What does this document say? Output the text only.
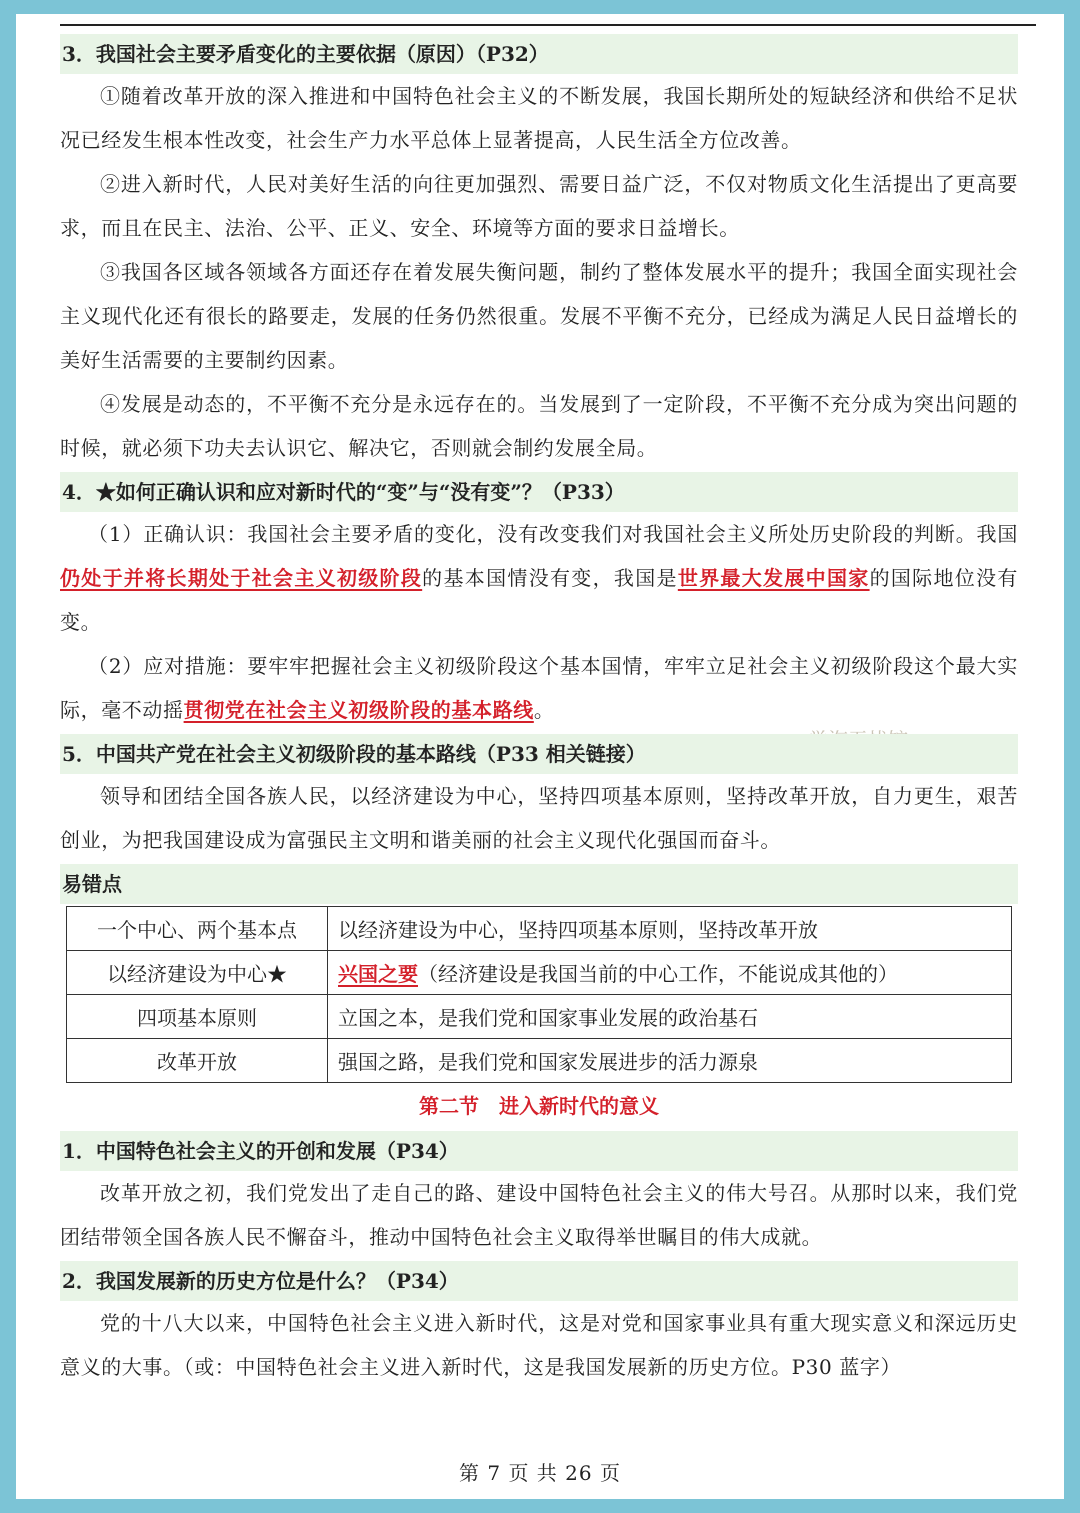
3．我国社会主要矛盾变化的主要依据（原因）（P32）
①随着改革开放的深入推进和中国特色社会主义的不断发展，我国长期所处的短缺经济和供给不足状况已经发生根本性改变，社会生产力水平总体上显著提高，人民生活全方位改善。
②进入新时代，人民对美好生活的向往更加强烈、需要日益广泛，不仅对物质文化生活提出了更高要求，而且在民主、法治、公平、正义、安全、环境等方面的要求日益增长。
③我国各区域各领域各方面还存在着发展失衡问题，制约了整体发展水平的提升；我国全面实现社会主义现代化还有很长的路要走，发展的任务仍然很重。发展不平衡不充分，已经成为满足人民日益增长的美好生活需要的主要制约因素。
④发展是动态的，不平衡不充分是永远存在的。当发展到了一定阶段，不平衡不充分成为突出问题的时候，就必须下功夫去认识它、解决它，否则就会制约发展全局。
4．★如何正确认识和应对新时代的“变”与“没有变”？（P33）
（1）正确认识：我国社会主要矛盾的变化，没有改变我们对我国社会主义所处历史阶段的判断。我国仍处于并将长期处于社会主义初级阶段的基本国情没有变，我国是世界最大发展中国家的国际地位没有变。
（2）应对措施：要牢牢把握社会主义初级阶段这个基本国情，牢牢立足社会主义初级阶段这个最大实际，毫不动摇贯彻党在社会主义初级阶段的基本路线。
5．中国共产党在社会主义初级阶段的基本路线（P33 相关链接）
领导和团结全国各族人民，以经济建设为中心，坚持四项基本原则，坚持改革开放，自力更生，艰苦创业，为把我国建设成为富强民主文明和谐美丽的社会主义现代化强国而奋斗。
易错点
一个中心、两个基本点	以经济建设为中心，坚持四项基本原则，坚持改革开放
以经济建设为中心★	兴国之要（经济建设是我国当前的中心工作，不能说成其他的）
四项基本原则	立国之本，是我们党和国家事业发展的政治基石
改革开放	强国之路，是我们党和国家发展进步的活力源泉
第二节　进入新时代的意义
1．中国特色社会主义的开创和发展（P34）
改革开放之初，我们党发出了走自己的路、建设中国特色社会主义的伟大号召。从那时以来，我们党团结带领全国各族人民不懈奋斗，推动中国特色社会主义取得举世瞩目的伟大成就。
2．我国发展新的历史方位是什么？（P34）
党的十八大以来，中国特色社会主义进入新时代，这是对党和国家事业具有重大现实意义和深远历史意义的大事。（或：中国特色社会主义进入新时代，这是我国发展新的历史方位。P30 蓝字）
第 7 页 共 26 页
